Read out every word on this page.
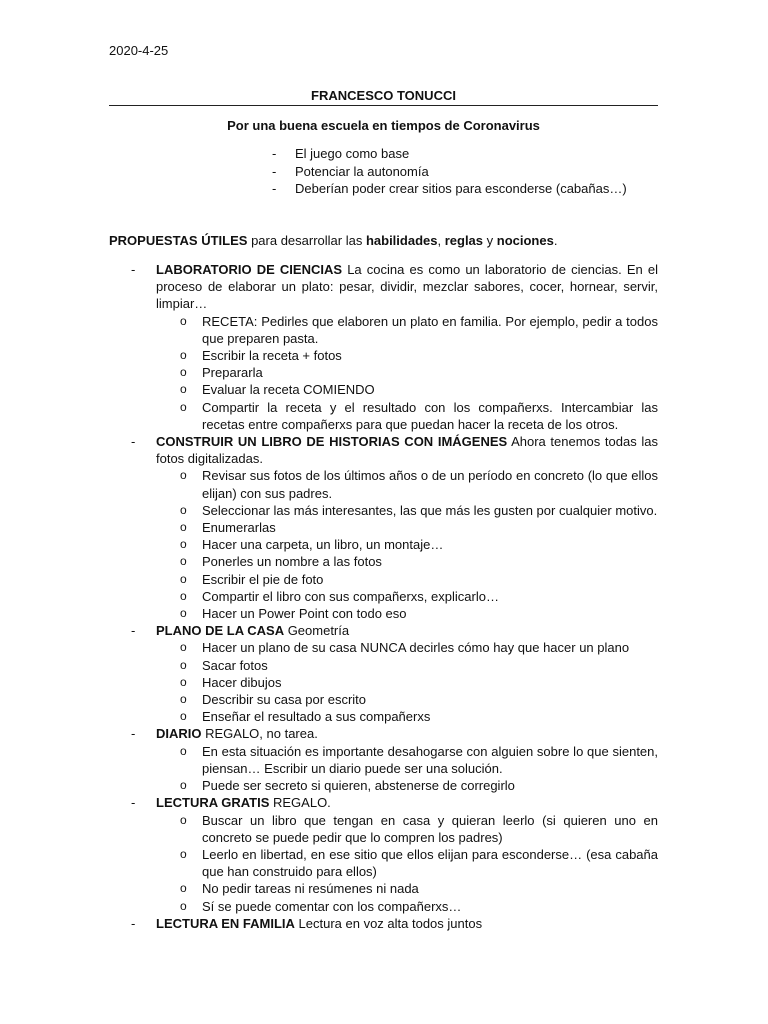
2020-4-25
FRANCESCO TONUCCI
Por una buena escuela en tiempos de Coronavirus
- El juego como base
- Potenciar la autonomía
- Deberían poder crear sitios para esconderse (cabañas…)
PROPUESTAS ÚTILES para desarrollar las habilidades, reglas y nociones.
- LABORATORIO DE CIENCIAS La cocina es como un laboratorio de ciencias. En el proceso de elaborar un plato: pesar, dividir, mezclar sabores, cocer, hornear, servir, limpiar…
o RECETA: Pedirles que elaboren un plato en familia. Por ejemplo, pedir a todos que preparen pasta.
o Escribir la receta + fotos
o Prepararla
o Evaluar la receta COMIENDO
o Compartir la receta y el resultado con los compañerxs. Intercambiar las recetas entre compañerxs para que puedan hacer la receta de los otros.
- CONSTRUIR UN LIBRO DE HISTORIAS CON IMÁGENES Ahora tenemos todas las fotos digitalizadas.
o Revisar sus fotos de los últimos años o de un período en concreto (lo que ellos elijan) con sus padres.
o Seleccionar las más interesantes, las que más les gusten por cualquier motivo.
o Enumerarlas
o Hacer una carpeta, un libro, un montaje…
o Ponerles un nombre a las fotos
o Escribir el pie de foto
o Compartir el libro con sus compañerxs, explicarlo…
o Hacer un Power Point con todo eso
- PLANO DE LA CASA Geometría
o Hacer un plano de su casa NUNCA decirles cómo hay que hacer un plano
o Sacar fotos
o Hacer dibujos
o Describir su casa por escrito
o Enseñar el resultado a sus compañerxs
- DIARIO REGALO, no tarea.
o En esta situación es importante desahogarse con alguien sobre lo que sienten, piensan… Escribir un diario puede ser una solución.
o Puede ser secreto si quieren, abstenerse de corregirlo
- LECTURA GRATIS REGALO.
o Buscar un libro que tengan en casa y quieran leerlo (si quieren uno en concreto se puede pedir que lo compren los padres)
o Leerlo en libertad, en ese sitio que ellos elijan para esconderse… (esa cabaña que han construido para ellos)
o No pedir tareas ni resúmenes ni nada
o Sí se puede comentar con los compañerxs…
- LECTURA EN FAMILIA Lectura en voz alta todos juntos
